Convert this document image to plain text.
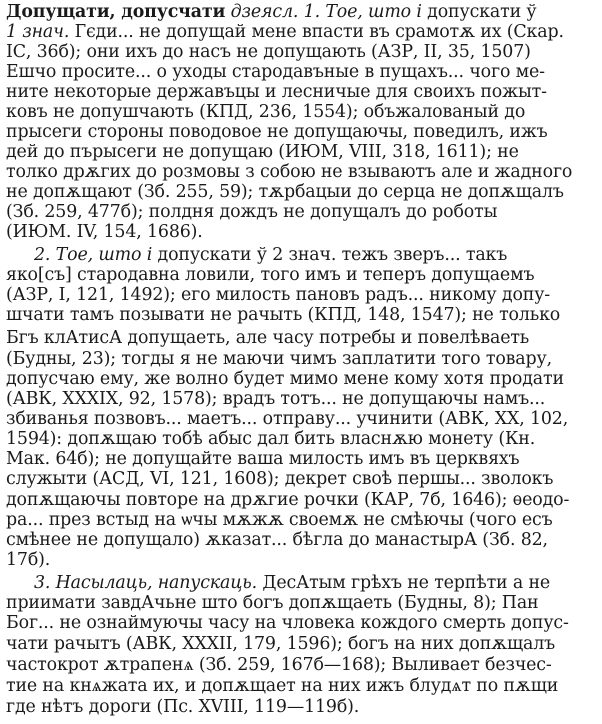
Допущати, допусчати дзеясл. 1. Тое, што і допускати ў
1 знач. Гєди... не допущай мене впасти въ срамотѫ их (Скар.
ІС, 36б); они ихъ до насъ не допущають (АЗР, II, 35, 1507)
Ешчо просите... о уходы стародавъные в пущахъ... чого ме-
ните некоторые державъцы и лесничые для своихъ пожыт-
ковъ не допушчають (КПД, 236, 1554); объжалованый до
прысеги стороны поводовое не допущаючы, поведилъ, ижъ
дей до пърысеги не допущаю (ИЮМ, VIII, 318, 1611); не
толко дрѫгих до розмовы з собою не взываютъ але и жадного
не допѫщают (Зб. 255, 59); тѫрбацыи до серца не допѫщалъ
(Зб. 259, 477б); полдня дождъ не допущалъ до роботы
(ИЮМ. IV, 154, 1686).
2. Тое, што і допускати ў 2 знач. тежъ зверъ... такъ
яко[съ] стародавна ловили, того имъ и теперъ допущаемъ
(АЗР, I, 121, 1492); его милость пановъ радъ... никому допу-
шчати тамъ позывати не рачыть (КПД, 148, 1547); не только
Бгъ клАтисА допущаеть, але часу потребы и повелѣваеть
(Будны, 23); тогды я не маючи чимъ заплатити того товару,
допусчаю ему, же волно будет мимо мене кому хотя продати
(АВК, XXXIX, 92, 1578); врадъ тотъ... не допущаючы намъ...
збиванья позвовъ... маетъ... отправу... учинити (АВК, XX, 102,
1594): допѫщаю тобѣ абыс дал бить власнѫю монету (Кн.
Мак. 64б); не допущайте ваша милость имъ въ церквяхъ
служыти (АСД, VI, 121, 1608); декрет своѣ першы... зволокъ
допѫщаючы повторе на дрѫгие рочки (КАР, 7б, 1646); ѳеодо-
ра... през встыд на ѡчы мѫжѫ своемѫ не смѣючы (чого есъ
смѣнее не допущало) ѫказат... бѣгла до манастырА (Зб. 82,
17б).
3. Насылаць, напускаць. ДесАтым грѣхъ не терпѣти а не
приимати завдАчьне што богъ допѫщаеть (Будны, 8); Пан
Бог... не ознаймуючы часу на чловека кождого смерть допус-
чати рачытъ (АВК, XXXII, 179, 1596); богъ на них допѫщалъ
частокрот ѫтрапенѧ (Зб. 259, 167б—168); Выливает безчес-
тие на кнѧжата их, и допѫщает на них ижъ блудѧт по пѫщи
где нѣтъ дороги (Пс. XVIII, 119—119б).
